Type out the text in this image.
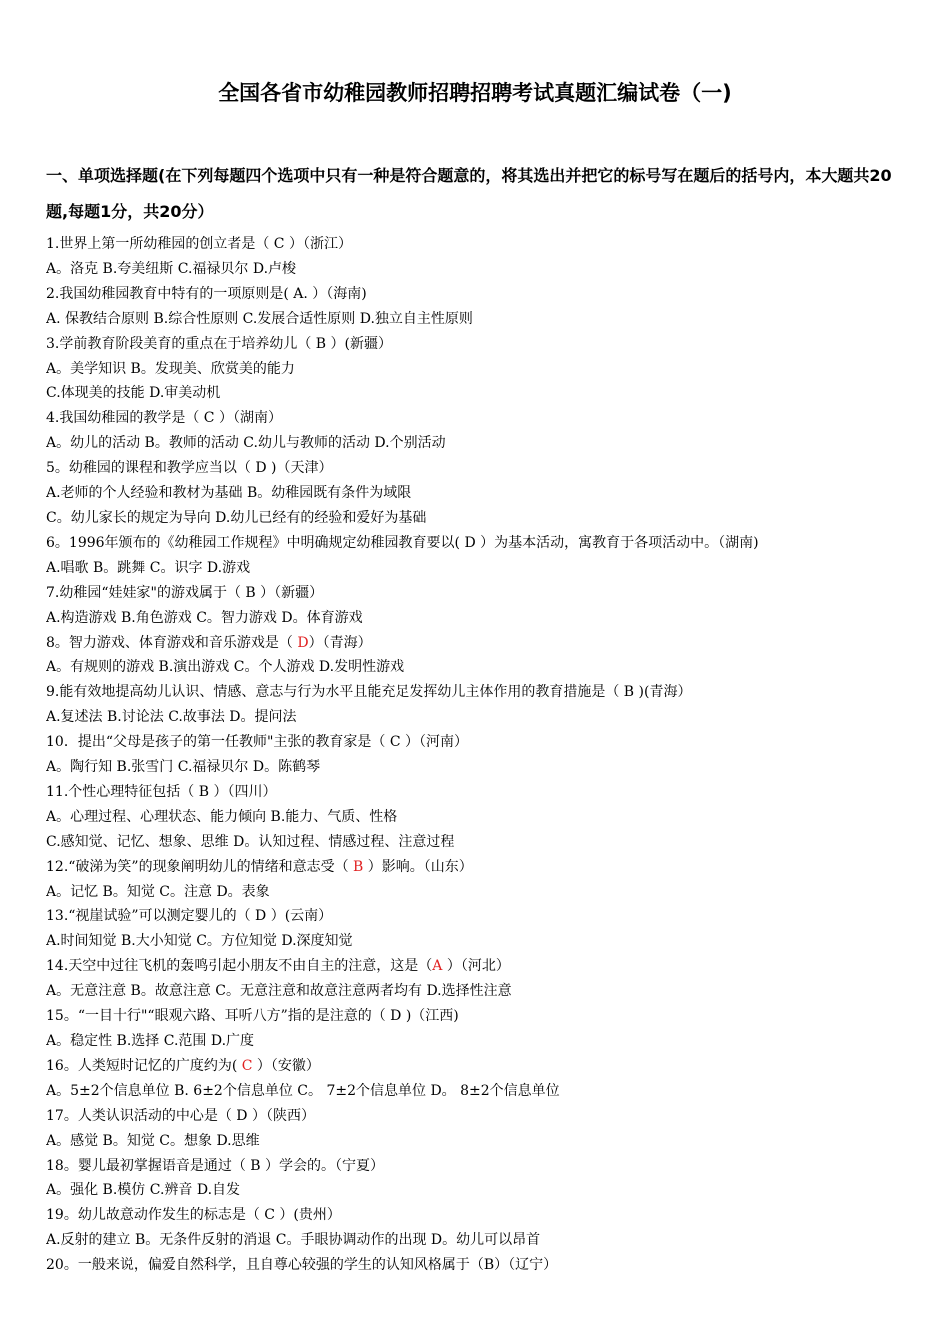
全国各省市幼稚园教师招聘招聘考试真题汇编试卷（一)
一、单项选择题(在下列每题四个选项中只有一种是符合题意的，将其选出并把它的标号写在题后的括号内，本大题共20题,每题1分，共20分）
1.世界上第一所幼稚园的创立者是（ C ）（浙江）
A。洛克 B.夸美纽斯 C.福禄贝尔 D.卢梭
2.我国幼稚园教育中特有的一项原则是( A. ）（海南)
A. 保教结合原则 B.综合性原则 C.发展合适性原则 D.独立自主性原则
3.学前教育阶段美育的重点在于培养幼儿（ B ）(新疆）
A。美学知识 B。发现美、欣赏美的能力
C.体现美的技能 D.审美动机
4.我国幼稚园的教学是（ C ）（湖南）
A。幼儿的活动 B。教师的活动 C.幼儿与教师的活动 D.个别活动
5。幼稚园的课程和教学应当以（ D )（天津）
A.老师的个人经验和教材为基础 B。幼稚园既有条件为域限
C。幼儿家长的规定为导向 D.幼儿已经有的经验和爱好为基础
6。1996年颁布的《幼稚园工作规程》中明确规定幼稚园教育要以( D ）为基本活动，寓教育于各项活动中。（湖南)
A.唱歌 B。跳舞 C。识字 D.游戏
7.幼稚园“娃娃家"的游戏属于（ B ）（新疆）
A.构造游戏 B.角色游戏 C。智力游戏 D。体育游戏
8。智力游戏、体育游戏和音乐游戏是（ D）（青海）
A。有规则的游戏 B.演出游戏 C。个人游戏 D.发明性游戏
9.能有效地提高幼儿认识、情感、意志与行为水平且能充足发挥幼儿主体作用的教育措施是（ B )(青海）
A.复述法 B.讨论法 C.故事法 D。提问法
10．提出“父母是孩子的第一任教师"主张的教育家是（ C ）（河南）
A。陶行知 B.张雪门 C.福禄贝尔 D。陈鹤琴
11.个性心理特征包括（ B ）（四川）
A。心理过程、心理状态、能力倾向 B.能力、气质、性格
C.感知觉、记忆、想象、思维 D。认知过程、情感过程、注意过程
12.“破涕为笑”的现象阐明幼儿的情绪和意志受（ B ）影响。（山东）
A。记忆 B。知觉 C。注意 D。表象
13.“视崖试验”可以测定婴儿的（ D ）(云南）
A.时间知觉 B.大小知觉 C。方位知觉 D.深度知觉
14.天空中过往飞机的轰鸣引起小朋友不由自主的注意，这是（A ）（河北）
A。无意注意 B。故意注意 C。无意注意和故意注意两者均有 D.选择性注意
15。“一目十行"“眼观六路、耳听八方”指的是注意的（ D )（江西)
A。稳定性 B.选择 C.范围 D.广度
16。人类短时记忆的广度约为( C ）（安徽）
A。5±2个信息单位 B. 6±2个信息单位 C。 7±2个信息单位 D。 8±2个信息单位
17。人类认识活动的中心是（ D ）（陕西）
A。感觉 B。知觉 C。想象 D.思维
18。婴儿最初掌握语音是通过（ B ）学会的。（宁夏）
A。强化 B.模仿 C.辨音 D.自发
19。幼儿故意动作发生的标志是（ C ）(贵州）
A.反射的建立 B。无条件反射的消退 C。手眼协调动作的出现 D。幼儿可以昂首
20。一般来说，偏爱自然科学，且自尊心较强的学生的认知风格属于（B）（辽宁）
